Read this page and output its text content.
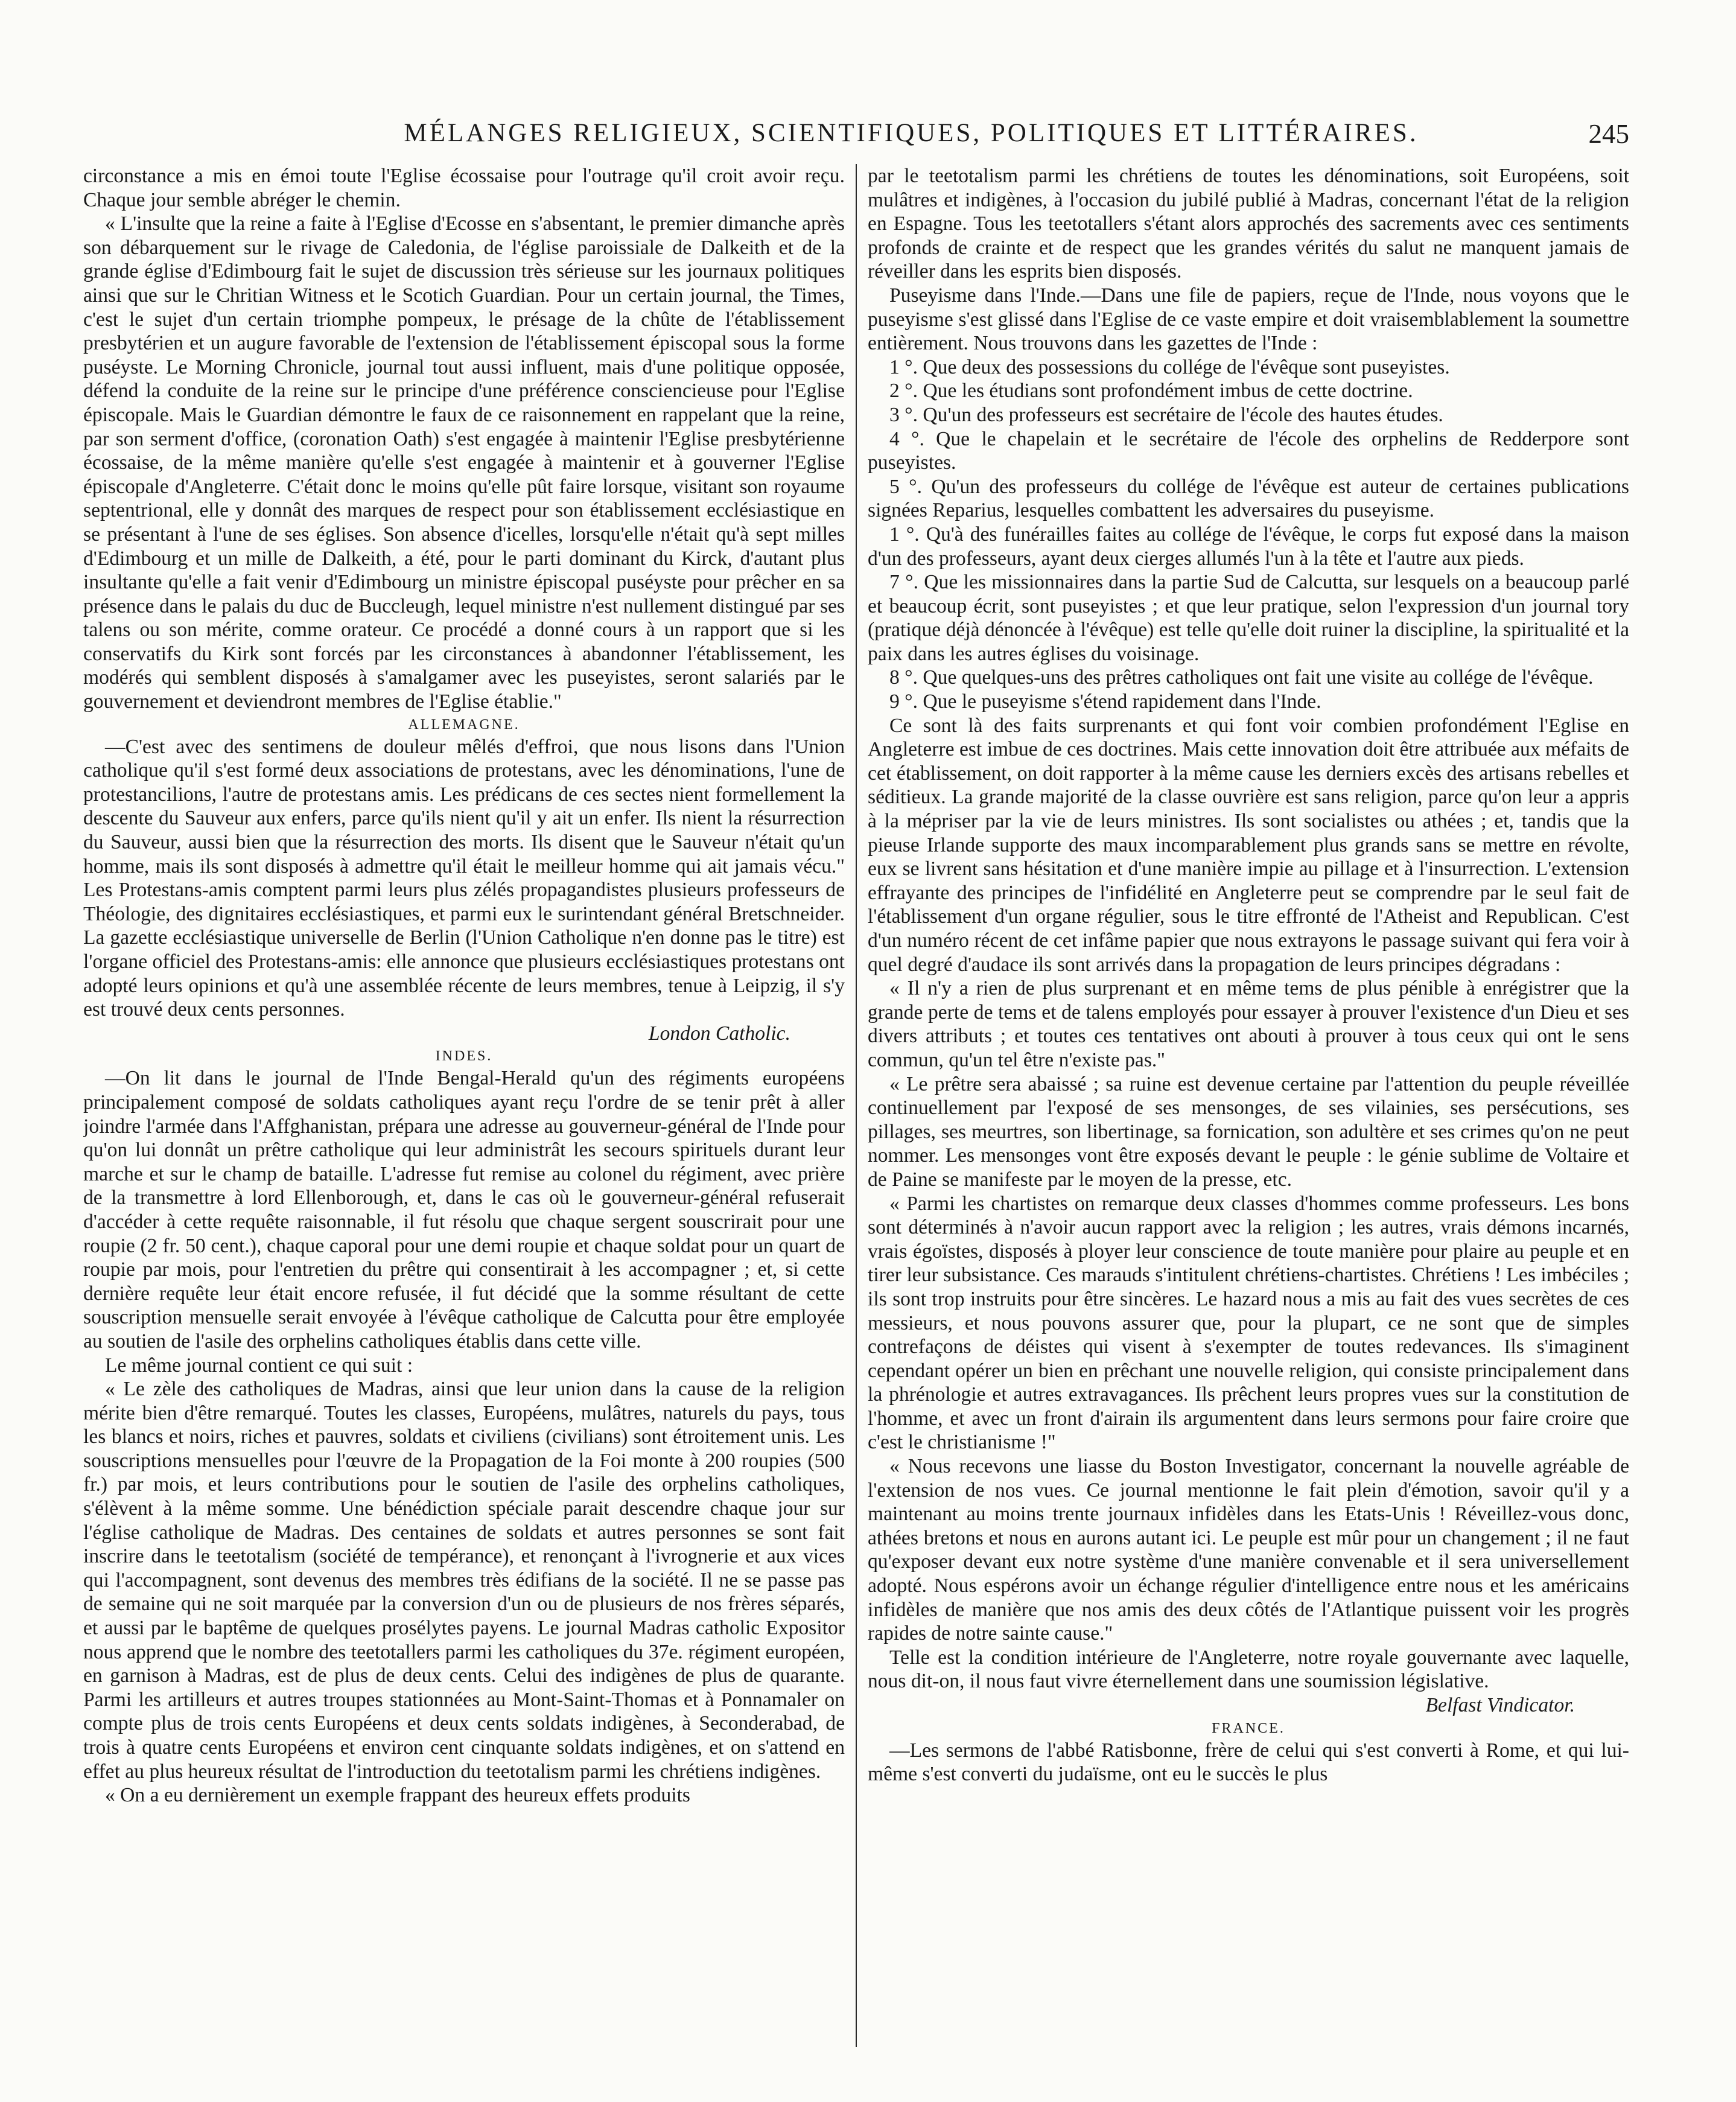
MÉLANGES RELIGIEUX, SCIENTIFIQUES, POLITIQUES ET LITTÉRAIRES.	245

circonstance a mis en émoi toute l'Eglise écossaise pour l'outrage qu'il croit avoir reçu. Chaque jour semble abréger le chemin.

« L'insulte que la reine a faite à l'Eglise d'Ecosse en s'absentant, le premier dimanche après son débarquement sur le rivage de Caledonia, de l'église paroissiale de Dalkeith et de la grande église d'Edimbourg fait le sujet de discussion très sérieuse sur les journaux politiques ainsi que sur le Chritian Witness et le Scotich Guardian. Pour un certain journal, the Times, c'est le sujet d'un certain triomphe pompeux, le présage de la chûte de l'établissement presbytérien et un augure favorable de l'extension de l'établissement épiscopal sous la forme puséyste. Le Morning Chronicle, journal tout aussi influent, mais d'une politique opposée, défend la conduite de la reine sur le principe d'une préférence consciencieuse pour l'Eglise épiscopale. Mais le Guardian démontre le faux de ce raisonnement en rappelant que la reine, par son serment d'office, (coronation Oath) s'est engagée à maintenir l'Eglise presbytérienne écossaise, de la même manière qu'elle s'est engagée à maintenir et à gouverner l'Eglise épiscopale d'Angleterre. C'était donc le moins qu'elle pût faire lorsque, visitant son royaume septentrional, elle y donnât des marques de respect pour son établissement ecclésiastique en se présentant à l'une de ses églises. Son absence d'icelles, lorsqu'elle n'était qu'à sept milles d'Edimbourg et un mille de Dalkeith, a été, pour le parti dominant du Kirck, d'autant plus insultante qu'elle a fait venir d'Edimbourg un ministre épiscopal puséyste pour prêcher en sa présence dans le palais du duc de Buccleugh, lequel ministre n'est nullement distingué par ses talens ou son mérite, comme orateur. Ce procédé a donné cours à un rapport que si les conservatifs du Kirk sont forcés par les circonstances à abandonner l'établissement, les modérés qui semblent disposés à s'amalgamer avec les puseyistes, seront salariés par le gouvernement et deviendront membres de l'Eglise établie."

ALLEMAGNE.

—C'est avec des sentimens de douleur mêlés d'effroi, que nous lisons dans l'Union catholique qu'il s'est formé deux associations de protestans, avec les dénominations, l'une de protestancilions, l'autre de protestans amis. Les prédicans de ces sectes nient formellement la descente du Sauveur aux enfers, parce qu'ils nient qu'il y ait un enfer. Ils nient la résurrection du Sauveur, aussi bien que la résurrection des morts. Ils disent que le Sauveur n'était qu'un homme, mais ils sont disposés à admettre qu'il était le meilleur homme qui ait jamais vécu." Les Protestans-amis comptent parmi leurs plus zélés propagandistes plusieurs professeurs de Théologie, des dignitaires ecclésiastiques, et parmi eux le surintendant général Bretschneider. La gazette ecclésiastique universelle de Berlin (l'Union Catholique n'en donne pas le titre) est l'organe officiel des Protestans-amis: elle annonce que plusieurs ecclésiastiques protestans ont adopté leurs opinions et qu'à une assemblée récente de leurs membres, tenue à Leipzig, il s'y est trouvé deux cents personnes.

London Catholic.

INDES.

—On lit dans le journal de l'Inde Bengal-Herald qu'un des régiments européens principalement composé de soldats catholiques ayant reçu l'ordre de se tenir prêt à aller joindre l'armée dans l'Affghanistan, prépara une adresse au gouverneur-général de l'Inde pour qu'on lui donnât un prêtre catholique qui leur administrât les secours spirituels durant leur marche et sur le champ de bataille. L'adresse fut remise au colonel du régiment, avec prière de la transmettre à lord Ellenborough, et, dans le cas où le gouverneur-général refuserait d'accéder à cette requête raisonnable, il fut résolu que chaque sergent souscrirait pour une roupie (2 fr. 50 cent.), chaque caporal pour une demi roupie et chaque soldat pour un quart de roupie par mois, pour l'entretien du prêtre qui consentirait à les accompagner ; et, si cette dernière requête leur était encore refusée, il fut décidé que la somme résultant de cette souscription mensuelle serait envoyée à l'évêque catholique de Calcutta pour être employée au soutien de l'asile des orphelins catholiques établis dans cette ville.

Le même journal contient ce qui suit :

« Le zèle des catholiques de Madras, ainsi que leur union dans la cause de la religion mérite bien d'être remarqué. Toutes les classes, Européens, mulâtres, naturels du pays, tous les blancs et noirs, riches et pauvres, soldats et civiliens (civilians) sont étroitement unis. Les souscriptions mensuelles pour l'œuvre de la Propagation de la Foi monte à 200 roupies (500 fr.) par mois, et leurs contributions pour le soutien de l'asile des orphelins catholiques, s'élèvent à la même somme. Une bénédiction spéciale parait descendre chaque jour sur l'église catholique de Madras. Des centaines de soldats et autres personnes se sont fait inscrire dans le teetotalism (société de tempérance), et renonçant à l'ivrognerie et aux vices qui l'accompagnent, sont devenus des membres très édifians de la société. Il ne se passe pas de semaine qui ne soit marquée par la conversion d'un ou de plusieurs de nos frères séparés, et aussi par le baptême de quelques prosélytes payens. Le journal Madras catholic Expositor nous apprend que le nombre des teetotallers parmi les catholiques du 37e. régiment européen, en garnison à Madras, est de plus de deux cents. Celui des indigènes de plus de quarante. Parmi les artilleurs et autres troupes stationnées au Mont-Saint-Thomas et à Ponnamaler on compte plus de trois cents Européens et deux cents soldats indigènes, à Seconderabad, de trois à quatre cents Européens et environ cent cinquante soldats indigènes, et on s'attend en effet au plus heureux résultat de l'introduction du teetotalism parmi les chrétiens indigènes.

« On a eu dernièrement un exemple frappant des heureux effets produits

par le teetotalism parmi les chrétiens de toutes les dénominations, soit Européens, soit mulâtres et indigènes, à l'occasion du jubilé publié à Madras, concernant l'état de la religion en Espagne. Tous les teetotallers s'étant alors approchés des sacrements avec ces sentiments profonds de crainte et de respect que les grandes vérités du salut ne manquent jamais de réveiller dans les esprits bien disposés.

Puseyisme dans l'Inde.—Dans une file de papiers, reçue de l'Inde, nous voyons que le puseyisme s'est glissé dans l'Eglise de ce vaste empire et doit vraisemblablement la soumettre entièrement. Nous trouvons dans les gazettes de l'Inde :

1 °. Que deux des possessions du collége de l'évêque sont puseyistes.

2 °. Que les étudians sont profondément imbus de cette doctrine.

3 °. Qu'un des professeurs est secrétaire de l'école des hautes études.

4 °. Que le chapelain et le secrétaire de l'école des orphelins de Redderpore sont puseyistes.

5 °. Qu'un des professeurs du collége de l'évêque est auteur de certaines publications signées Reparius, lesquelles combattent les adversaires du puseyisme.

1 °. Qu'à des funérailles faites au collége de l'évêque, le corps fut exposé dans la maison d'un des professeurs, ayant deux cierges allumés l'un à la tête et l'autre aux pieds.

7 °. Que les missionnaires dans la partie Sud de Calcutta, sur lesquels on a beaucoup parlé et beaucoup écrit, sont puseyistes ; et que leur pratique, selon l'expression d'un journal tory (pratique déjà dénoncée à l'évêque) est telle qu'elle doit ruiner la discipline, la spiritualité et la paix dans les autres églises du voisinage.

8 °. Que quelques-uns des prêtres catholiques ont fait une visite au collége de l'évêque.

9 °. Que le puseyisme s'étend rapidement dans l'Inde.

Ce sont là des faits surprenants et qui font voir combien profondément l'Eglise en Angleterre est imbue de ces doctrines. Mais cette innovation doit être attribuée aux méfaits de cet établissement, on doit rapporter à la même cause les derniers excès des artisans rebelles et séditieux. La grande majorité de la classe ouvrière est sans religion, parce qu'on leur a appris à la mépriser par la vie de leurs ministres. Ils sont socialistes ou athées ; et, tandis que la pieuse Irlande supporte des maux incomparablement plus grands sans se mettre en révolte, eux se livrent sans hésitation et d'une manière impie au pillage et à l'insurrection. L'extension effrayante des principes de l'infidélité en Angleterre peut se comprendre par le seul fait de l'établissement d'un organe régulier, sous le titre effronté de l'Atheist and Republican. C'est d'un numéro récent de cet infâme papier que nous extrayons le passage suivant qui fera voir à quel degré d'audace ils sont arrivés dans la propagation de leurs principes dégradans :

« Il n'y a rien de plus surprenant et en même tems de plus pénible à enrégistrer que la grande perte de tems et de talens employés pour essayer à prouver l'existence d'un Dieu et ses divers attributs ; et toutes ces tentatives ont abouti à prouver à tous ceux qui ont le sens commun, qu'un tel être n'existe pas."

« Le prêtre sera abaissé ; sa ruine est devenue certaine par l'attention du peuple réveillée continuellement par l'exposé de ses mensonges, de ses vilainies, ses persécutions, ses pillages, ses meurtres, son libertinage, sa fornication, son adultère et ses crimes qu'on ne peut nommer. Les mensonges vont être exposés devant le peuple : le génie sublime de Voltaire et de Paine se manifeste par le moyen de la presse, etc.

« Parmi les chartistes on remarque deux classes d'hommes comme professeurs. Les bons sont déterminés à n'avoir aucun rapport avec la religion ; les autres, vrais démons incarnés, vrais égoïstes, disposés à ployer leur conscience de toute manière pour plaire au peuple et en tirer leur subsistance. Ces marauds s'intitulent chrétiens-chartistes. Chrétiens ! Les imbéciles ; ils sont trop instruits pour être sincères. Le hazard nous a mis au fait des vues secrètes de ces messieurs, et nous pouvons assurer que, pour la plupart, ce ne sont que de simples contrefaçons de déistes qui visent à s'exempter de toutes redevances. Ils s'imaginent cependant opérer un bien en prêchant une nouvelle religion, qui consiste principalement dans la phrénologie et autres extravagances. Ils prêchent leurs propres vues sur la constitution de l'homme, et avec un front d'airain ils argumentent dans leurs sermons pour faire croire que c'est le christianisme !"

« Nous recevons une liasse du Boston Investigator, concernant la nouvelle agréable de l'extension de nos vues. Ce journal mentionne le fait plein d'émotion, savoir qu'il y a maintenant au moins trente journaux infidèles dans les Etats-Unis ! Réveillez-vous donc, athées bretons et nous en aurons autant ici. Le peuple est mûr pour un changement ; il ne faut qu'exposer devant eux notre système d'une manière convenable et il sera universellement adopté. Nous espérons avoir un échange régulier d'intelligence entre nous et les américains infidèles de manière que nos amis des deux côtés de l'Atlantique puissent voir les progrès rapides de notre sainte cause."

Telle est la condition intérieure de l'Angleterre, notre royale gouvernante avec laquelle, nous dit-on, il nous faut vivre éternellement dans une soumission législative.

Belfast Vindicator.

FRANCE.

—Les sermons de l'abbé Ratisbonne, frère de celui qui s'est converti à Rome, et qui lui-même s'est converti du judaïsme, ont eu le succès le plus
